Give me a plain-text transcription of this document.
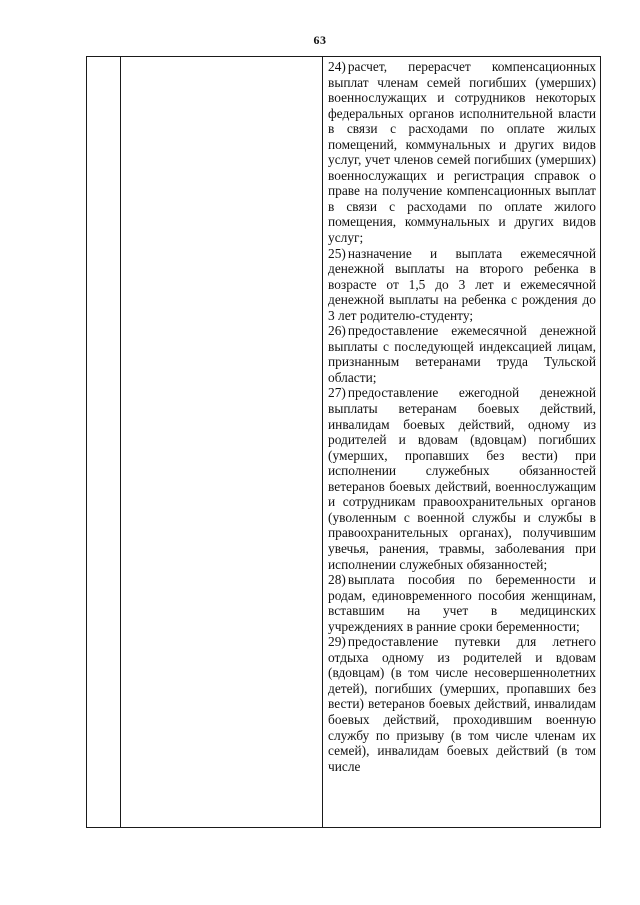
63

24) расчет, перерасчет компенсационных выплат членам семей погибших (умерших) военнослужащих и сотрудников некоторых федеральных органов исполнительной власти в связи с расходами по оплате жилых помещений, коммунальных и других видов услуг, учет членов семей погибших (умерших) военнослужащих и регистрация справок о праве на получение компенсационных выплат в связи с расходами по оплате жилого помещения, коммунальных и других видов услуг;

25) назначение и выплата ежемесячной денежной выплаты на второго ребенка в возрасте от 1,5 до 3 лет и ежемесячной денежной выплаты на ребенка с рождения до 3 лет родителю-студенту;

26) предоставление ежемесячной денежной выплаты с последующей индексацией лицам, признанным ветеранами труда Тульской области;

27) предоставление ежегодной денежной выплаты ветеранам боевых действий, инвалидам боевых действий, одному из родителей и вдовам (вдовцам) погибших (умерших, пропавших без вести) при исполнении служебных обязанностей ветеранов боевых действий, военнослужащим и сотрудникам правоохранительных органов (уволенным с военной службы и службы в правоохранительных органах), получившим увечья, ранения, травмы, заболевания при исполнении служебных обязанностей;

28) выплата пособия по беременности и родам, единовременного пособия женщинам, вставшим на учет в медицинских учреждениях в ранние сроки беременности;

29) предоставление путевки для летнего отдыха одному из родителей и вдовам (вдовцам) (в том числе несовершеннолетних детей), погибших (умерших, пропавших без вести) ветеранов боевых действий, инвалидам боевых действий, проходившим военную службу по призыву (в том числе членам их семей), инвалидам боевых действий (в том числе
